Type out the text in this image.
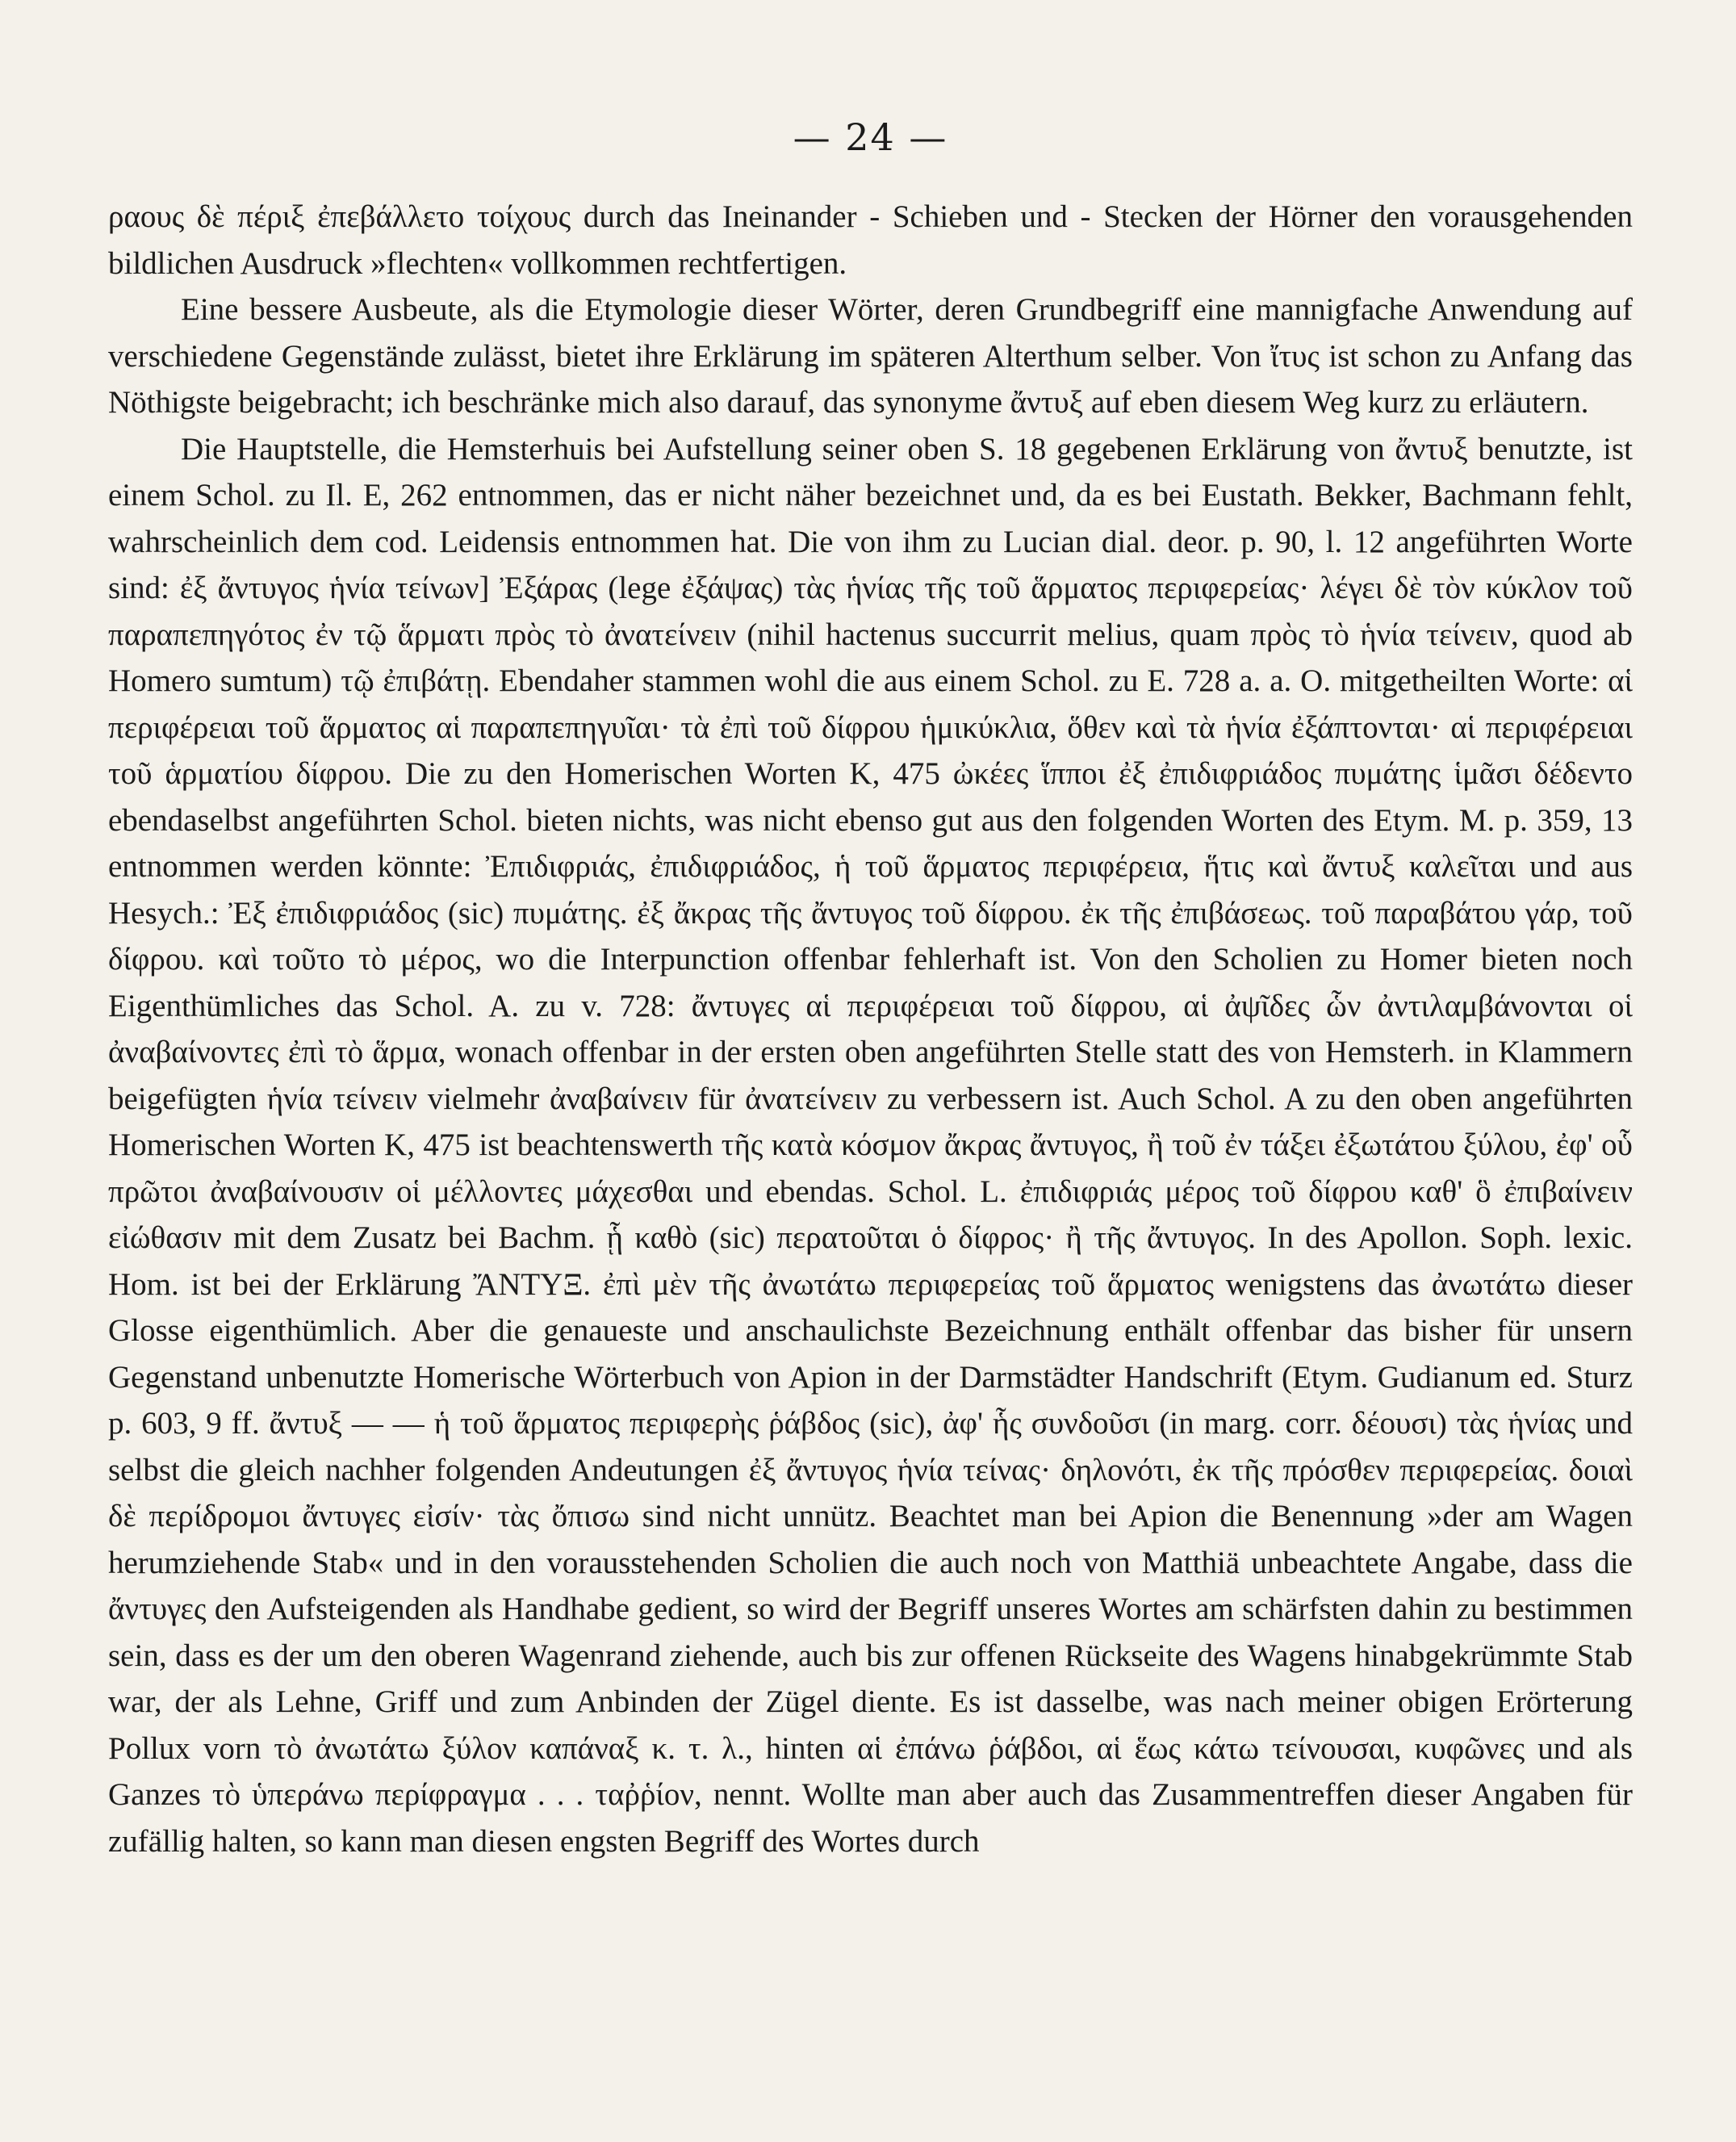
— 24 —

ραους δὲ πέριξ ἐπεβάλλετο τοίχους durch das Ineinander - Schieben und - Stecken der Hörner den vorausgehenden bildlichen Ausdruck »flechten« vollkommen rechtfertigen.

Eine bessere Ausbeute, als die Etymologie dieser Wörter, deren Grundbegriff eine mannigfache Anwendung auf verschiedene Gegenstände zulässt, bietet ihre Erklärung im späteren Alterthum selber. Von ἴτυς ist schon zu Anfang das Nöthigste beigebracht; ich beschränke mich also darauf, das synonyme ἄντυξ auf eben diesem Weg kurz zu erläutern.

Die Hauptstelle, die Hemsterhuis bei Aufstellung seiner oben S. 18 gegebenen Erklärung von ἄντυξ benutzte, ist einem Schol. zu Il. E, 262 entnommen, das er nicht näher bezeichnet und, da es bei Eustath. Bekker, Bachmann fehlt, wahrscheinlich dem cod. Leidensis entnommen hat. Die von ihm zu Lucian dial. deor. p. 90, l. 12 angeführten Worte sind: ἐξ ἄντυγος ἡνία τείνων] Ἐξάρας (lege ἐξάψας) τὰς ἡνίας τῆς τοῦ ἅρματος περιφερείας· λέγει δὲ τὸν κύκλον τοῦ παραπεπηγότος ἐν τῷ ἅρματι πρὸς τὸ ἀνατείνειν (nihil hactenus succurrit melius, quam πρὸς τὸ ἡνία τείνειν, quod ab Homero sumtum) τῷ ἐπιβάτῃ. Ebendaher stammen wohl die aus einem Schol. zu E. 728 a. a. O. mitgetheilten Worte: αἱ περιφέρειαι τοῦ ἅρματος αἱ παραπεπηγυῖαι· τὰ ἐπὶ τοῦ δίφρου ἡμικύκλια, ὅθεν καὶ τὰ ἡνία ἐξάπτονται· αἱ περιφέρειαι τοῦ ἁρματίου δίφρου. Die zu den Homerischen Worten K, 475 ὠκέες ἵπποι ἐξ ἐπιδιφριάδος πυμάτης ἱμᾶσι δέδεντο ebendaselbst angeführten Schol. bieten nichts, was nicht ebenso gut aus den folgenden Worten des Etym. M. p. 359, 13 entnommen werden könnte: Ἐπιδιφριάς, ἐπιδιφριάδος, ἡ τοῦ ἅρματος περιφέρεια, ἥτις καὶ ἄντυξ καλεῖται und aus Hesych.: Ἐξ ἐπιδιφριάδος (sic) πυμάτης. ἐξ ἄκρας τῆς ἄντυγος τοῦ δίφρου. ἐκ τῆς ἐπιβάσεως. τοῦ παραβάτου γάρ, τοῦ δίφρου. καὶ τοῦτο τὸ μέρος, wo die Interpunction offenbar fehlerhaft ist. Von den Scholien zu Homer bieten noch Eigenthümliches das Schol. A. zu v. 728: ἄντυγες αἱ περιφέρειαι τοῦ δίφρου, αἱ ἀψῖδες ὧν ἀντιλαμβάνονται οἱ ἀναβαίνοντες ἐπὶ τὸ ἅρμα, wonach offenbar in der ersten oben angeführten Stelle statt des von Hemsterh. in Klammern beigefügten ἡνία τείνειν vielmehr ἀναβαίνειν für ἀνατείνειν zu verbessern ist. Auch Schol. A zu den oben angeführten Homerischen Worten K, 475 ist beachtenswerth τῆς κατὰ κόσμον ἄκρας ἄντυγος, ἢ τοῦ ἐν τάξει ἐξωτάτου ξύλου, ἐφ' οὗ πρῶτοι ἀναβαίνουσιν οἱ μέλλοντες μάχεσθαι und ebendas. Schol. L. ἐπιδιφριάς μέρος τοῦ δίφρου καθ' ὃ ἐπιβαίνειν εἰώθασιν mit dem Zusatz bei Bachm. ᾗ καθὸ (sic) περατοῦται ὁ δίφρος· ἢ τῆς ἄντυγος. In des Apollon. Soph. lexic. Hom. ist bei der Erklärung ἌΝΤΥΞ. ἐπὶ μὲν τῆς ἀνωτάτω περιφερείας τοῦ ἅρματος wenigstens das ἀνωτάτω dieser Glosse eigenthümlich. Aber die genaueste und anschaulichste Bezeichnung enthält offenbar das bisher für unsern Gegenstand unbenutzte Homerische Wörterbuch von Apion in der Darmstädter Handschrift (Etym. Gudianum ed. Sturz p. 603, 9 ff. ἄντυξ — — ἡ τοῦ ἅρματος περιφερὴς ῥάβδος (sic), ἀφ' ἧς συνδοῦσι (in marg. corr. δέουσι) τὰς ἡνίας und selbst die gleich nachher folgenden Andeutungen ἐξ ἄντυγος ἡνία τείνας· δηλονότι, ἐκ τῆς πρόσθεν περιφερείας. δοιαὶ δὲ περίδρομοι ἄντυγες εἰσίν· τὰς ὄπισω sind nicht unnütz. Beachtet man bei Apion die Benennung »der am Wagen herumziehende Stab« und in den vorausstehenden Scholien die auch noch von Matthiä unbeachtete Angabe, dass die ἄντυγες den Aufsteigenden als Handhabe gedient, so wird der Begriff unseres Wortes am schärfsten dahin zu bestimmen sein, dass es der um den oberen Wagenrand ziehende, auch bis zur offenen Rückseite des Wagens hinabgekrümmte Stab war, der als Lehne, Griff und zum Anbinden der Zügel diente. Es ist dasselbe, was nach meiner obigen Erörterung Pollux vorn τὸ ἀνωτάτω ξύλον καπάναξ κ. τ. λ., hinten αἱ ἐπάνω ῥάβδοι, αἱ ἕως κάτω τείνουσαι, κυφῶνες und als Ganzes τὸ ὑπεράνω περίφραγμα . . . ταῤῥίον, nennt. Wollte man aber auch das Zusammentreffen dieser Angaben für zufällig halten, so kann man diesen engsten Begriff des Wortes durch
